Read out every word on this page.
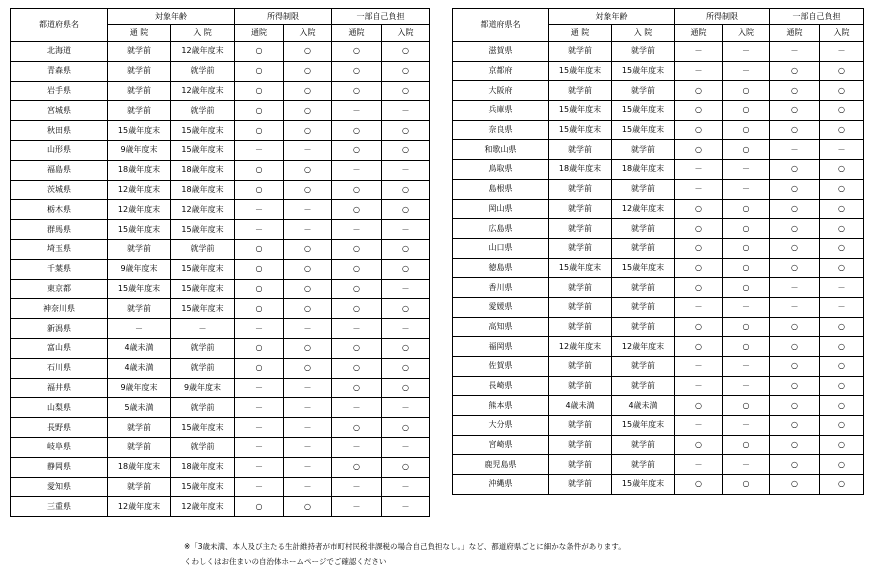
都道府県名	対象年齢		所得制限		一部自己負担	
	通 院	入 院	通院	入院	通院	入院
北海道	就学前	12歳年度末	○	○	○	○
青森県	就学前	就学前	○	○	○	○
岩手県	就学前	12歳年度末	○	○	○	○
宮城県	就学前	就学前	○	○	－	－
秋田県	15歳年度末	15歳年度末	○	○	○	○
山形県	9歳年度末	15歳年度末	－	－	○	○
福島県	18歳年度末	18歳年度末	○	○	－	－
茨城県	12歳年度末	18歳年度末	○	○	○	○
栃木県	12歳年度末	12歳年度末	－	－	○	○
群馬県	15歳年度末	15歳年度末	－	－	－	－
埼玉県	就学前	就学前	○	○	○	○
千葉県	9歳年度末	15歳年度末	○	○	○	○
東京都	15歳年度末	15歳年度末	○	○	○	－
神奈川県	就学前	15歳年度末	○	○	○	○
新潟県	－	－	－	－	－	－
富山県	4歳未満	就学前	○	○	○	○
石川県	4歳未満	就学前	○	○	○	○
福井県	9歳年度末	9歳年度末	－	－	○	○
山梨県	5歳未満	就学前	－	－	－	－
長野県	就学前	15歳年度末	－	－	○	○
岐阜県	就学前	就学前	－	－	－	－
静岡県	18歳年度末	18歳年度末	－	－	○	○
愛知県	就学前	15歳年度末	－	－	－	－
三重県	12歳年度末	12歳年度末	○	○	－	－
都道府県名	対象年齢		所得制限		一部自己負担	
	通 院	入 院	通院	入院	通院	入院
滋賀県	就学前	就学前	－	－	－	－
京都府	15歳年度末	15歳年度末	－	－	○	○
大阪府	就学前	就学前	○	○	○	○
兵庫県	15歳年度末	15歳年度末	○	○	○	○
奈良県	15歳年度末	15歳年度末	○	○	○	○
和歌山県	就学前	就学前	○	○	－	－
鳥取県	18歳年度末	18歳年度末	－	－	○	○
島根県	就学前	就学前	－	－	○	○
岡山県	就学前	12歳年度末	○	○	○	○
広島県	就学前	就学前	○	○	○	○
山口県	就学前	就学前	○	○	○	○
徳島県	15歳年度末	15歳年度末	○	○	○	○
香川県	就学前	就学前	○	○	－	－
愛媛県	就学前	就学前	－	－	－	－
高知県	就学前	就学前	○	○	○	○
福岡県	12歳年度末	12歳年度末	○	○	○	○
佐賀県	就学前	就学前	－	－	○	○
長崎県	就学前	就学前	－	－	○	○
熊本県	4歳未満	4歳未満	○	○	○	○
大分県	就学前	15歳年度末	－	－	○	○
宮崎県	就学前	就学前	○	○	○	○
鹿児島県	就学前	就学前	－	－	○	○
沖縄県	就学前	15歳年度末	○	○	○	○
※「3歳未満、本人及び主たる生計維持者が市町村民税非課税の場合自己負担なし。」など、都道府県ごとに細かな条件があります。
くわしくはお住まいの自治体ホームページでご確認ください
